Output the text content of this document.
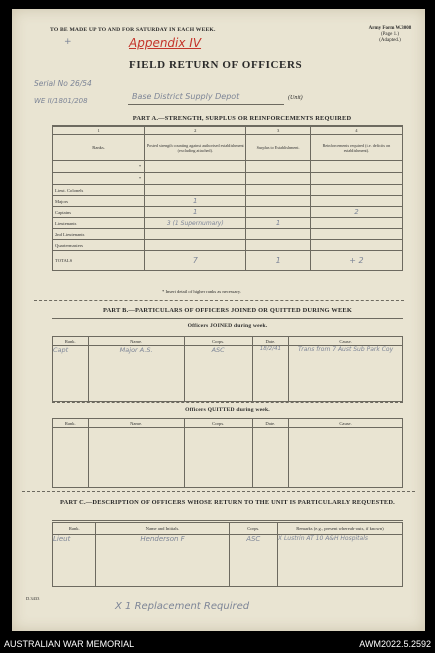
TO BE MADE UP TO AND FOR SATURDAY IN EACH WEEK.	Army Form W.3008
(Page 1.)
(Adapted.)
+	Appendix IV
FIELD RETURN OF OFFICERS
Serial No 26/54
WE II/1801/208	Base District Supply Depot	(Unit)
PART A.—STRENGTH, SURPLUS OR REINFORCEMENTS REQUIRED
1	2	3	4
Ranks.	Posted strength counting against authorised establishment (excluding attached).	Surplus to Establishment.	Reinforcements required (i.e. deficits on establishment).
*			
*			
Lieut. Colonels			
Majors	1		
Captains	1		2
Lieutenants	3 (1 Supernumary)	1	
2nd Lieutenants			
Quartermasters			
TOTALS	7	1	+ 2
* Insert detail of higher ranks as necessary.
PART B.—PARTICULARS OF OFFICERS JOINED OR QUITTED DURING WEEK
Officers JOINED during week.
Rank.	Name.	Corps.	Date.	Cause.
Capt	Major A.S.	ASC	18/2/41	Trans from 7 Aust Sub Park Coy
Officers QUITTED during week.
Rank.	Name.	Corps.	Date.	Cause.

PART C.—DESCRIPTION OF OFFICERS WHOSE RETURN TO THE UNIT IS PARTICULARLY REQUESTED.
Rank.	Name and Initials.	Corps.	Remarks (e.g., present whereab-outs, if known)
Lieut	Henderson F	ASC	X Lustrin AT 10 A&H Hospitals
D.3433
X 1 Replacement Required
AUSTRALIAN WAR MEMORIAL	AWM2022.5.2592
